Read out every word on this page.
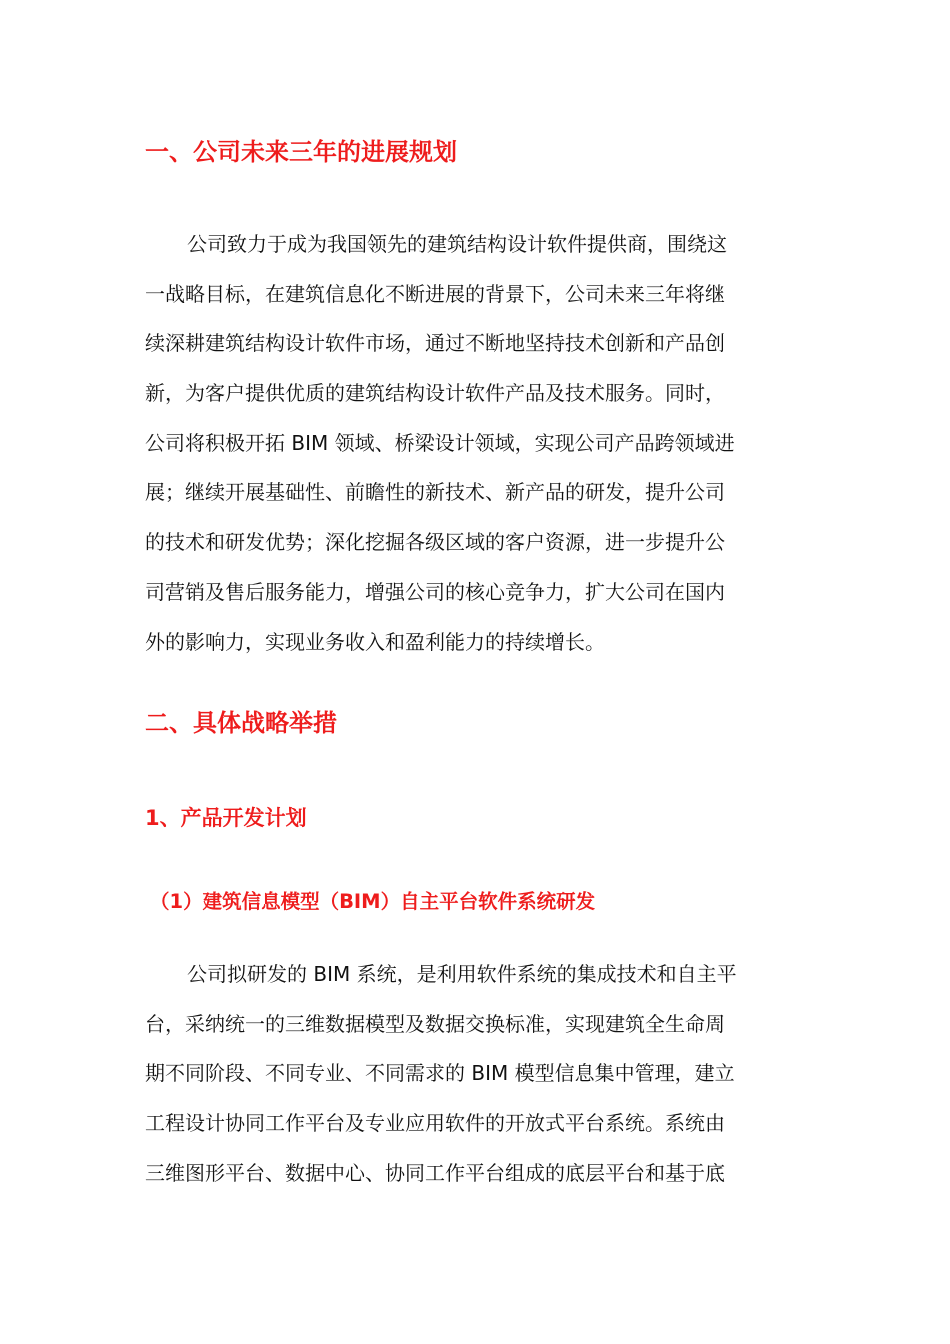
一、公司未来三年的进展规划
公司致力于成为我国领先的建筑结构设计软件提供商，围绕这
一战略目标，在建筑信息化不断进展的背景下，公司未来三年将继
续深耕建筑结构设计软件市场，通过不断地坚持技术创新和产品创
新，为客户提供优质的建筑结构设计软件产品及技术服务。同时，
公司将积极开拓 BIM 领域、桥梁设计领域，实现公司产品跨领域进
展；继续开展基础性、前瞻性的新技术、新产品的研发，提升公司
的技术和研发优势；深化挖掘各级区域的客户资源，进一步提升公
司营销及售后服务能力，增强公司的核心竞争力，扩大公司在国内
外的影响力，实现业务收入和盈利能力的持续增长。
二、具体战略举措
1、产品开发计划
（1）建筑信息模型（BIM）自主平台软件系统研发
公司拟研发的 BIM 系统，是利用软件系统的集成技术和自主平
台，采纳统一的三维数据模型及数据交换标准，实现建筑全生命周
期不同阶段、不同专业、不同需求的 BIM 模型信息集中管理，建立
工程设计协同工作平台及专业应用软件的开放式平台系统。系统由
三维图形平台、数据中心、协同工作平台组成的底层平台和基于底
